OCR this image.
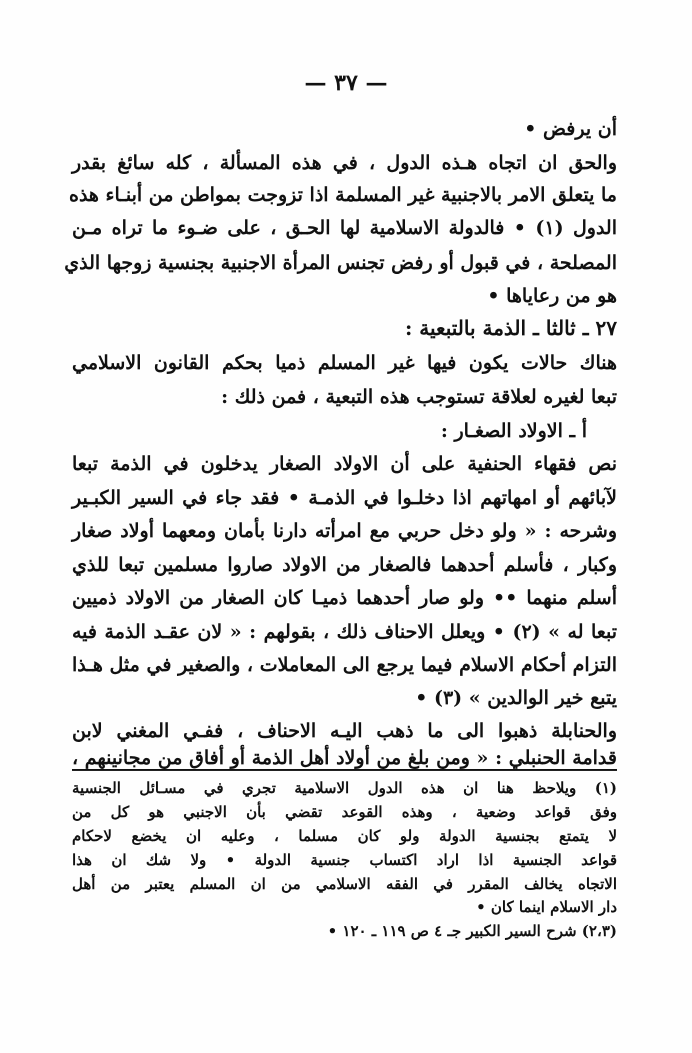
— ٣٧ —
أن يرفض •
والحق ان اتجاه هـذه الدول ، في هذه المسألة ، كله سائغ بقدر
ما يتعلق الامر بالاجنبية غير المسلمة اذا تزوجت بمواطن من أبنـاء هذه
الدول (١) • فالدولة الاسلامية لها الحـق ، على ضـوء ما تراه مـن
المصلحة ، في قبول أو رفض تجنس المرأة الاجنبية بجنسية زوجها الذي
هو من رعاياها •
٢٧ ـ ثالثا ـ الذمة بالتبعية :
هناك حالات يكون فيها غير المسلم ذميا بحكم القانون الاسلامي
تبعا لغيره لعلاقة تستوجب هذه التبعية ، فمن ذلك :
أ ـ الاولاد الصغـار :
نص فقهاء الحنفية على أن الاولاد الصغار يدخلون في الذمة تبعا
لآبائهم أو امهاتهم اذا دخلـوا في الذمـة • فقد جاء في السير الكبـير
وشرحه : « ولو دخل حربي مع امرأته دارنا بأمان ومعهما أولاد صغار
وكبار ، فأسلم أحدهما فالصغار من الاولاد صاروا مسلمين تبعا للذي
أسلم منهما •• ولو صار أحدهما ذميـا كان الصغار من الاولاد ذميين
تبعا له » (٢) • ويعلل الاحناف ذلك ، بقولهم : « لان عقـد الذمة فيه
التزام أحكام الاسلام فيما يرجع الى المعاملات ، والصغير في مثل هـذا
يتبع خير الوالدين » (٣) •
والحنابلة ذهبوا الى ما ذهب اليـه الاحناف ، ففـي المغني لابن
قدامة الحنبلي : « ومن بلغ من أولاد أهل الذمة أو أفاق من مجانينهم ،
(١) ويلاحظ هنا ان هذه الدول الاسلامية تجري في مسـائل الجنسية
وفق قواعد وضعية ، وهذه القوعد تقضي بأن الاجنبي هو كل من
لا يتمتع بجنسية الدولة ولو كان مسلما ، وعليه ان يخضع لاحكام
قواعد الجنسية اذا اراد اكتساب جنسية الدولة • ولا شك ان هذا
الاتجاه يخالف المقرر في الفقه الاسلامي من ان المسلم يعتبر من أهل
دار الاسلام اينما كان •
(٢،٣) شرح السير الكبير جـ ٤ ص ١١٩ ـ ١٢٠ •
